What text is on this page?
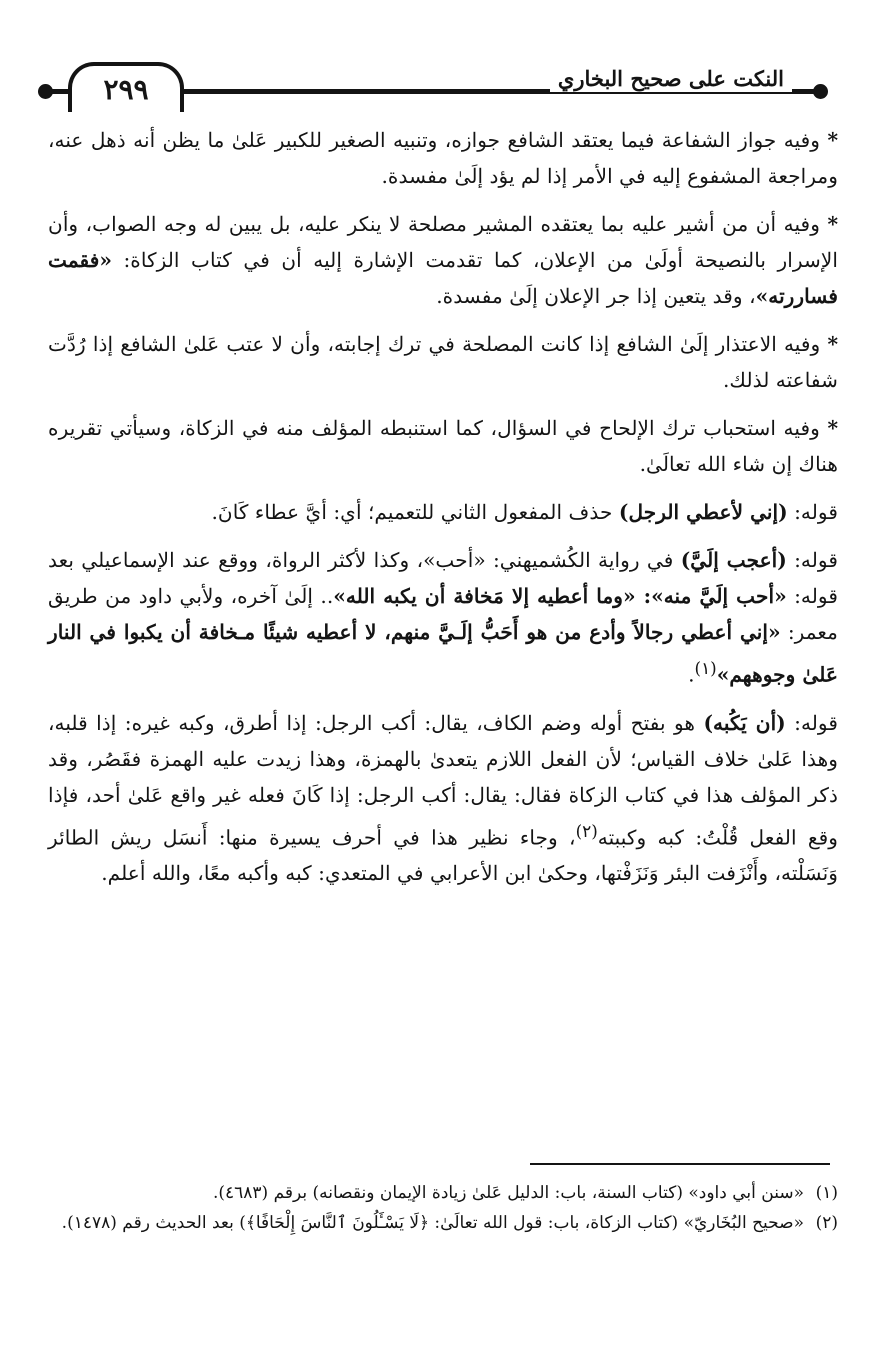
٢٩٩	النكت على صحيح البخاري

* وفيه جواز الشفاعة فيما يعتقد الشافع جوازه، وتنبيه الصغير للكبير عَلىٰ ما يظن أنه ذهل عنه، ومراجعة المشفوع إليه في الأمر إذا لم يؤد إلَىٰ مفسدة.

* وفيه أن من أشير عليه بما يعتقده المشير مصلحة لا ينكر عليه، بل يبين له وجه الصواب، وأن الإسرار بالنصيحة أولَىٰ من الإعلان، كما تقدمت الإشارة إليه أن في كتاب الزكاة: «فقمت فساررته»، وقد يتعين إذا جر الإعلان إلَىٰ مفسدة.

* وفيه الاعتذار إلَىٰ الشافع إذا كانت المصلحة في ترك إجابته، وأن لا عتب عَلىٰ الشافع إذا رُدَّت شفاعته لذلك.

* وفيه استحباب ترك الإلحاح في السؤال، كما استنبطه المؤلف منه في الزكاة، وسيأتي تقريره هناك إن شاء الله تعالَىٰ.

قوله: (إني لأعطي الرجل) حذف المفعول الثاني للتعميم؛ أي: أيَّ عطاء كَانَ.

قوله: (أعجب إلَيَّ) في رواية الكُشميهني: «أحب»، وكذا لأكثر الرواة، ووقع عند الإسماعيلي بعد قوله: «أحب إلَيَّ منه»: «وما أعطيه إلا مَخافة أن يكبه الله».. إلَىٰ آخره، ولأبي داود من طريق معمر: «إني أعطي رجالاً وأدع من هو أَحَبُّ إلَـيَّ منهم، لا أعطيه شيئًا مـخافة أن يكبوا في النار عَلىٰ وجوههم»$^{(١)}$.

قوله: (أن يَكُبه) هو بفتح أوله وضم الكاف، يقال: أكب الرجل: إذا أطرق، وكبه غيره: إذا قلبه، وهذا عَلىٰ خلاف القياس؛ لأن الفعل اللازم يتعدىٰ بالهمزة، وهذا زيدت عليه الهمزة فقَصُر، وقد ذكر المؤلف هذا في كتاب الزكاة فقال: يقال: أكب الرجل: إذا كَانَ فعله غير واقع عَلىٰ أحد، فإذا وقع الفعل قُلْتُ: كبه وكببته$^{(٢)}$، وجاء نظير هذا في أحرف يسيرة منها: أَنسَل ريش الطائر وَنَسَلْته، وأَنْزَفت البئر وَنَزَفْتها، وحكىٰ ابن الأعرابي في المتعدي: كبه وأكبه معًا، والله أعلم.

(١)«سنن أبي داود» (كتاب السنة، باب: الدليل عَلىٰ زيادة الإيمان ونقصانه) برقم (٤٦٨٣).

(٢)«صحيح البُخَاريّ» (كتاب الزكاة، باب: قول الله تعالَىٰ: ﴿لَا يَسْـَٔلُونَ ٱلنَّاسَ إِلْحَافًا﴾) بعد الحديث رقم (١٤٧٨).
